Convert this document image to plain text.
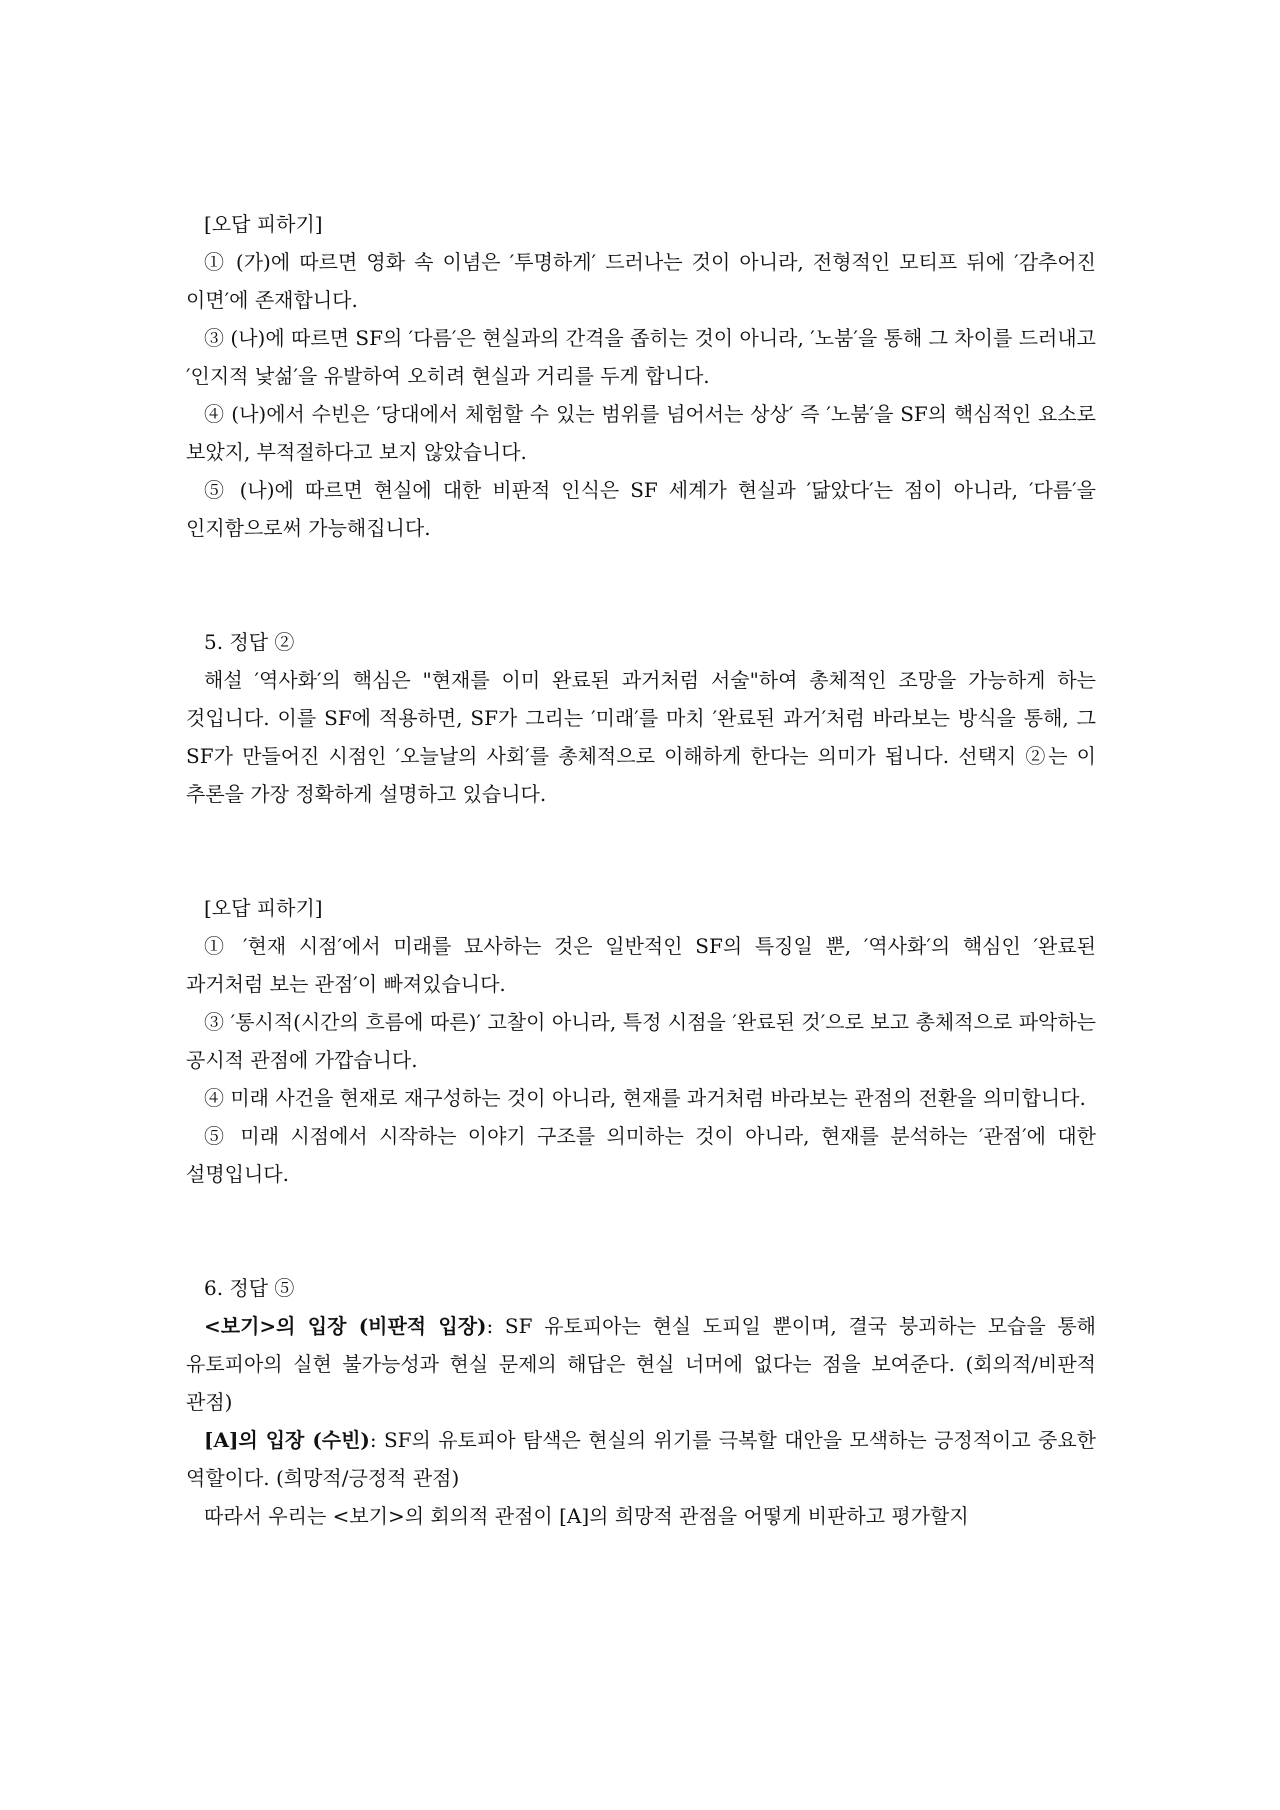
[오답 피하기]

① (가)에 따르면 영화 속 이념은 ′투명하게′ 드러나는 것이 아니라, 전형적인 모티프 뒤에 ′감추어진 이면′에 존재합니다.

③ (나)에 따르면 SF의 ′다름′은 현실과의 간격을 좁히는 것이 아니라, ′노붐′을 통해 그 차이를 드러내고 ′인지적 낯섦′을 유발하여 오히려 현실과 거리를 두게 합니다.

④ (나)에서 수빈은 ′당대에서 체험할 수 있는 범위를 넘어서는 상상′ 즉 ′노붐′을 SF의 핵심적인 요소로 보았지, 부적절하다고 보지 않았습니다.

⑤ (나)에 따르면 현실에 대한 비판적 인식은 SF 세계가 현실과 ′닮았다′는 점이 아니라, ′다름′을 인지함으로써 가능해집니다.

5. 정답 ②

해설 ′역사화′의 핵심은 "현재를 이미 완료된 과거처럼 서술"하여 총체적인 조망을 가능하게 하는 것입니다. 이를 SF에 적용하면, SF가 그리는 ′미래′를 마치 ′완료된 과거′처럼 바라보는 방식을 통해, 그 SF가 만들어진 시점인 ′오늘날의 사회′를 총체적으로 이해하게 한다는 의미가 됩니다. 선택지 ②는 이 추론을 가장 정확하게 설명하고 있습니다.

[오답 피하기]

① ′현재 시점′에서 미래를 묘사하는 것은 일반적인 SF의 특징일 뿐, ′역사화′의 핵심인 ′완료된 과거처럼 보는 관점′이 빠져있습니다.

③ ′통시적(시간의 흐름에 따른)′ 고찰이 아니라, 특정 시점을 ′완료된 것′으로 보고 총체적으로 파악하는 공시적 관점에 가깝습니다.

④ 미래 사건을 현재로 재구성하는 것이 아니라, 현재를 과거처럼 바라보는 관점의 전환을 의미합니다.

⑤ 미래 시점에서 시작하는 이야기 구조를 의미하는 것이 아니라, 현재를 분석하는 ′관점′에 대한 설명입니다.

6. 정답 ⑤

<보기>의 입장 (비판적 입장): SF 유토피아는 현실 도피일 뿐이며, 결국 붕괴하는 모습을 통해 유토피아의 실현 불가능성과 현실 문제의 해답은 현실 너머에 없다는 점을 보여준다. (회의적/비판적 관점)

[A]의 입장 (수빈): SF의 유토피아 탐색은 현실의 위기를 극복할 대안을 모색하는 긍정적이고 중요한 역할이다. (희망적/긍정적 관점)

따라서 우리는 <보기>의 회의적 관점이 [A]의 희망적 관점을 어떻게 비판하고 평가할지
